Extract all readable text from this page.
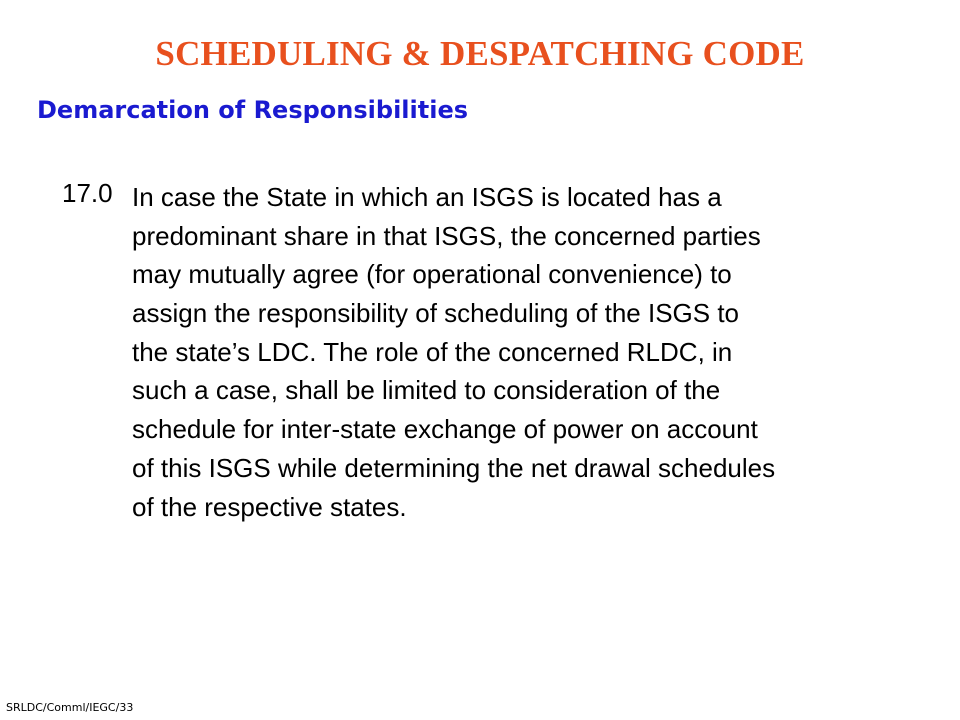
SCHEDULING & DESPATCHING CODE
Demarcation of Responsibilities
17.0 In case the State in which an ISGS is located has a
predominant share in that ISGS, the concerned parties
may mutually agree (for operational convenience) to
assign the responsibility of scheduling of the ISGS to
the state’s LDC. The role of the concerned RLDC, in
such a case, shall be limited to consideration of the
schedule for inter-state exchange of power on account
of this ISGS while determining the net drawal schedules
of the respective states.
SRLDC/Comml/IEGC/33
